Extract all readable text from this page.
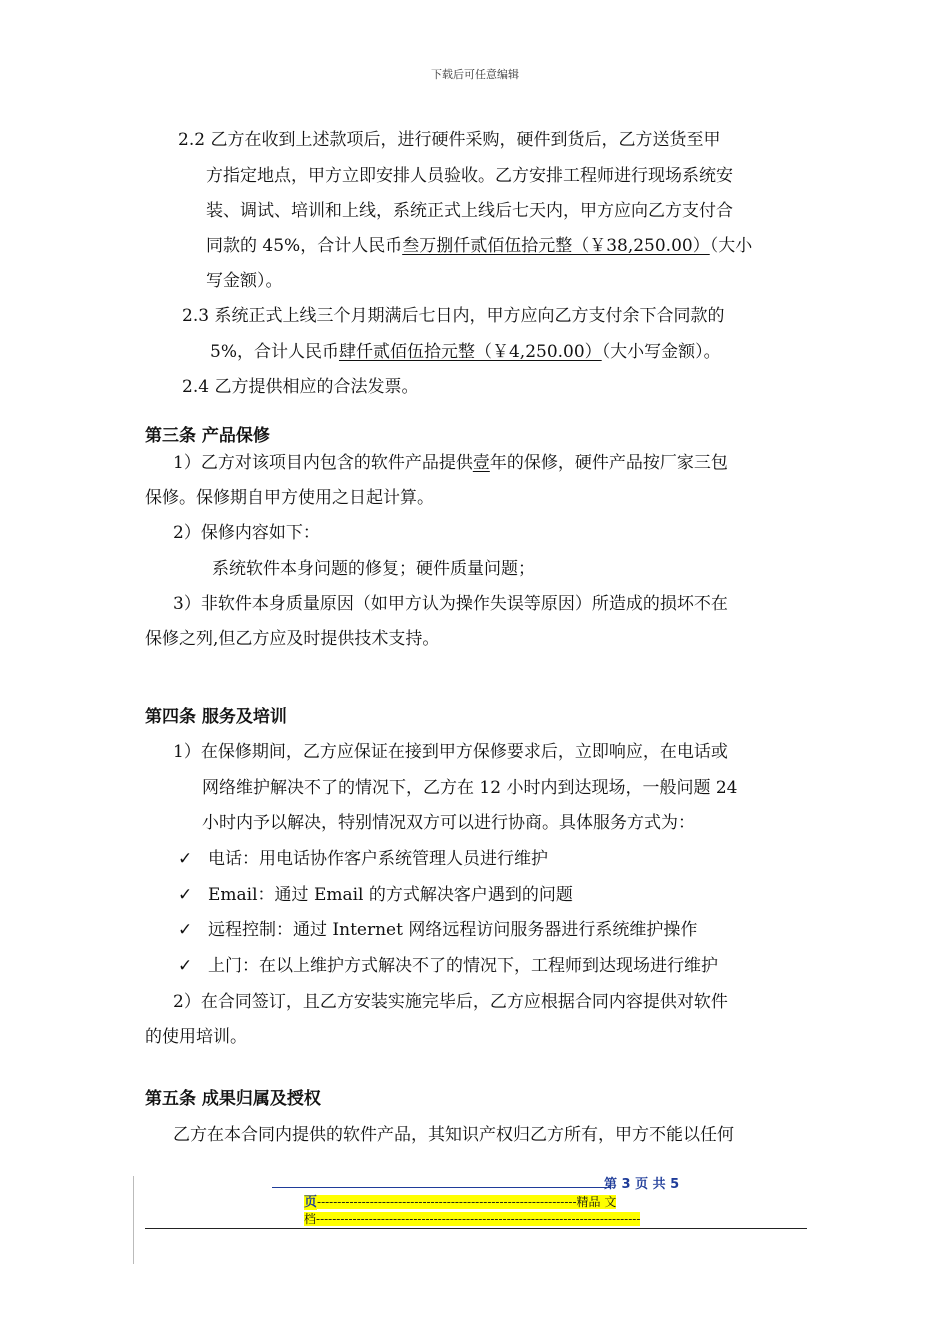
下载后可任意编辑
2.2 乙方在收到上述款项后，进行硬件采购，硬件到货后，乙方送货至甲
方指定地点，甲方立即安排人员验收。乙方安排工程师进行现场系统安
装、调试、培训和上线，系统正式上线后七天内，甲方应向乙方支付合
同款的 45%，合计人民币叁万捌仟贰佰伍拾元整（￥38,250.00）（大小
写金额）。
2.3 系统正式上线三个月期满后七日内，甲方应向乙方支付余下合同款的
5%，合计人民币肆仟贰佰伍拾元整（￥4,250.00）（大小写金额）。
2.4 乙方提供相应的合法发票。
第三条 产品保修
1）乙方对该项目内包含的软件产品提供壹年的保修，硬件产品按厂家三包
保修。保修期自甲方使用之日起计算。
2）保修内容如下：
系统软件本身问题的修复；硬件质量问题；
3）非软件本身质量原因（如甲方认为操作失误等原因）所造成的损坏不在
保修之列,但乙方应及时提供技术支持。
第四条 服务及培训
1）在保修期间，乙方应保证在接到甲方保修要求后，立即响应，在电话或
网络维护解决不了的情况下，乙方在 12 小时内到达现场，一般问题 24
小时内予以解决，特别情况双方可以进行协商。具体服务方式为：
✓ 电话：用电话协作客户系统管理人员进行维护
✓ Email：通过 Email 的方式解决客户遇到的问题
✓ 远程控制：通过 Internet 网络远程访问服务器进行系统维护操作
✓ 上门：在以上维护方式解决不了的情况下，工程师到达现场进行维护
2）在合同签订，且乙方安装实施完毕后，乙方应根据合同内容提供对软件
的使用培训。
第五条 成果归属及授权
乙方在本合同内提供的软件产品，其知识产权归乙方所有，甲方不能以任何
第 3 页 共 5
页----------------------------------------------------------------精品 文
档--------------------------------------------------------------------------------
